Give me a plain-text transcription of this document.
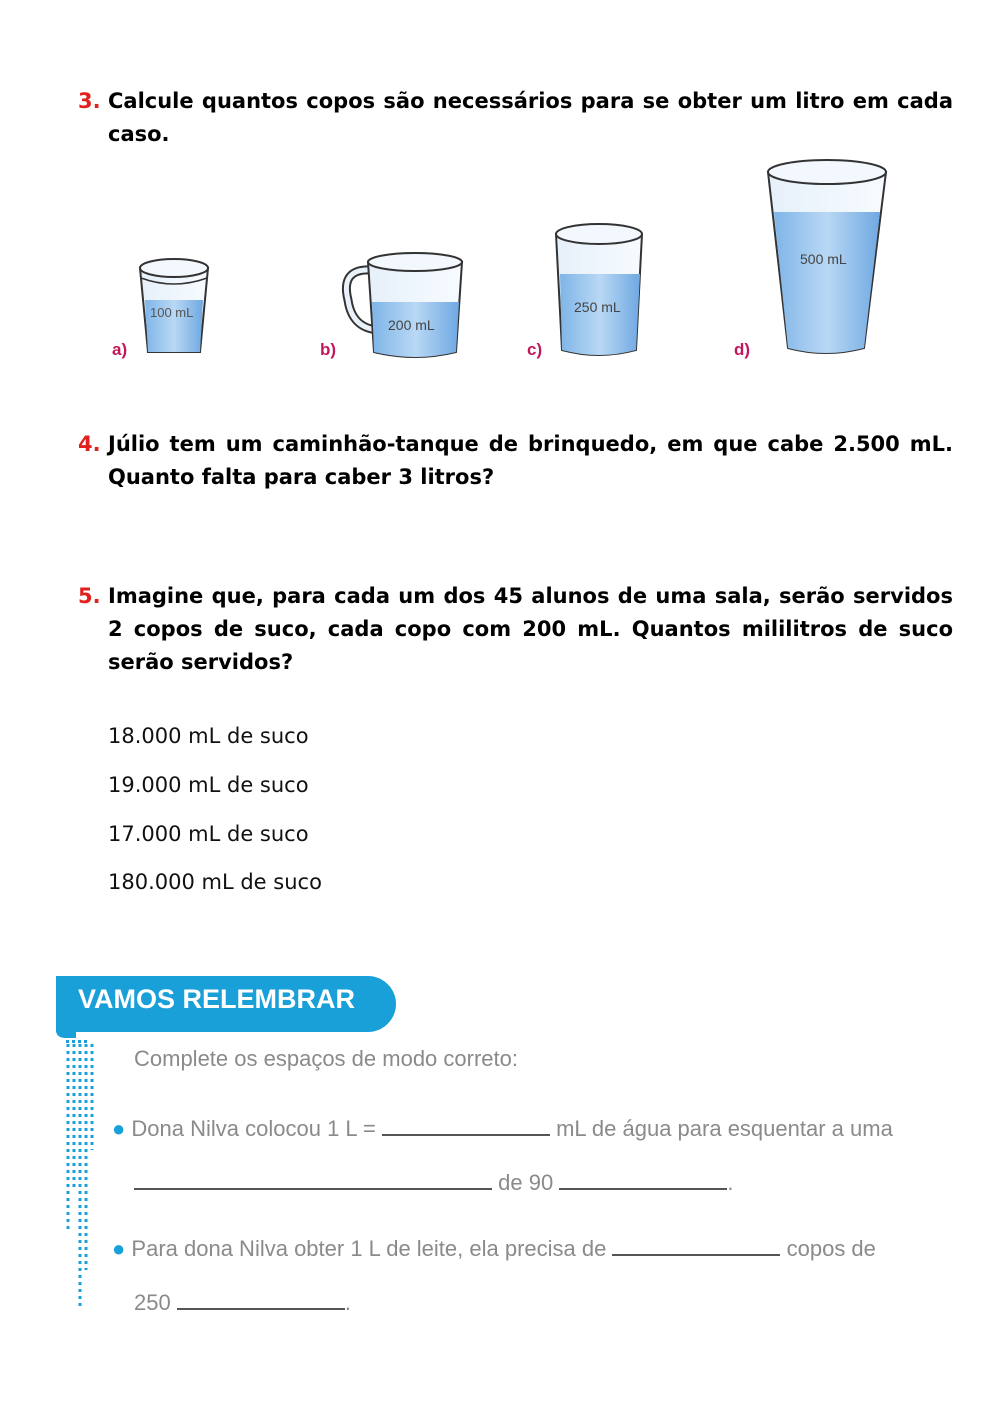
3. Calcule quantos copos são necessários para se obter um litro em cada caso.
100 mL
200 mL
250 mL
500 mL
a)	b)	c)	d)
4. Júlio tem um caminhão-tanque de brinquedo, em que cabe 2.500 mL. Quanto falta para caber 3 litros?
5. Imagine que, para cada um dos 45 alunos de uma sala, serão servidos 2 copos de suco, cada copo com 200 mL. Quantos mililitros de suco serão servidos?
18.000 mL de suco
19.000 mL de suco
17.000 mL de suco
180.000 mL de suco
VAMOS RELEMBRAR
Complete os espaços de modo correto:
● Dona Nilva colocou 1 L =	mL de água para esquentar a uma
de 90	.
● Para dona Nilva obter 1 L de leite, ela precisa de	copos de
250	.
